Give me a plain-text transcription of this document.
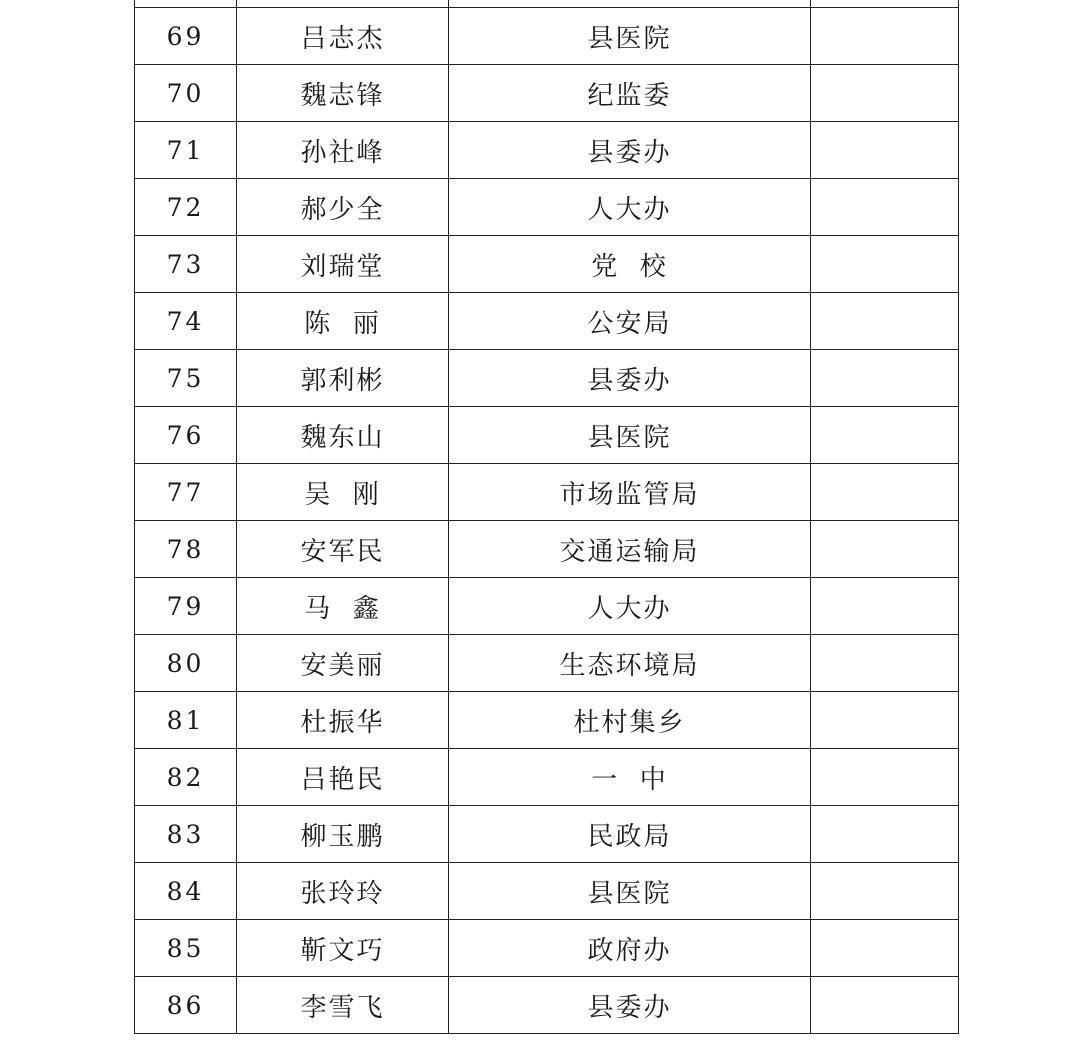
69	吕志杰	县医院	
70	魏志锋	纪监委	
71	孙社峰	县委办	
72	郝少全	人大办	
73	刘瑞堂	党  校	
74	陈  丽	公安局	
75	郭利彬	县委办	
76	魏东山	县医院	
77	吴  刚	市场监管局	
78	安军民	交通运输局	
79	马  鑫	人大办	
80	安美丽	生态环境局	
81	杜振华	杜村集乡	
82	吕艳民	一  中	
83	柳玉鹏	民政局	
84	张玲玲	县医院	
85	靳文巧	政府办	
86	李雪飞	县委办	
